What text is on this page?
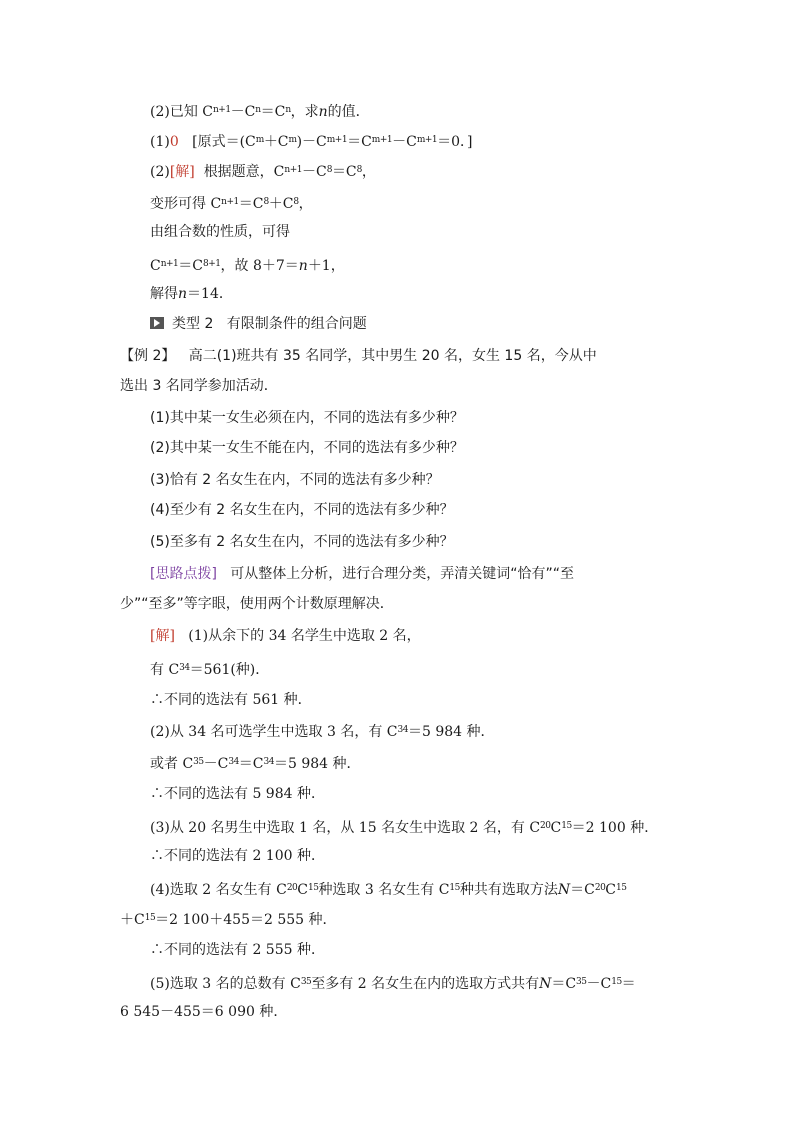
(2)已知 $C^{n+1}-C^n=C^n$，求n的值．
(1)0 [原式$=(C^m+C^m)-C^{m+1}=C^{m+1}-C^{m+1}=0$．]
(2)[解] 根据题意，$C^{n+1}-C^8=C^8$，
变形可得 $C^{n+1}=C^8+C^8$，
由组合数的性质，可得
$C^{n+1}=C^{8+1}$，故 8＋7＝n＋1，
解得n＝14．
类型 2 有限制条件的组合问题
【例 2】 高二(1)班共有 35 名同学，其中男生 20 名，女生 15 名，今从中
选出 3 名同学参加活动．
(1)其中某一女生必须在内，不同的选法有多少种？
(2)其中某一女生不能在内，不同的选法有多少种？
(3)恰有 2 名女生在内，不同的选法有多少种？
(4)至少有 2 名女生在内，不同的选法有多少种？
(5)至多有 2 名女生在内，不同的选法有多少种？
[思路点拨] 可从整体上分析，进行合理分类，弄清关键词“恰有”“至
少”“至多”等字眼，使用两个计数原理解决．
[解] (1)从余下的 34 名学生中选取 2 名，
有 $C^{34}=561$(种)．
∴不同的选法有 561 种．
(2)从 34 名可选学生中选取 3 名，有 $C^{34}=5$ 984 种．
或者 $C^{35}-C^{34}=C^{34}=5$ 984 种．
∴不同的选法有 5 984 种．
(3)从 20 名男生中选取 1 名，从 15 名女生中选取 2 名，有 $C^{20}C^{15}=2$ 100 种．
∴不同的选法有 2 100 种．
(4)选取 2 名女生有 $C^{20}C^{15}$种选取 3 名女生有 $C^{15}$种共有选取方法$N=C^{20}C^{15}$
$+C^{15}=2$ 100＋455＝2 555 种．
∴不同的选法有 2 555 种．
(5)选取 3 名的总数有 $C^{35}$至多有 2 名女生在内的选取方式共有$N=C^{35}-C^{15}=$
6 545－455＝6 090 种．
